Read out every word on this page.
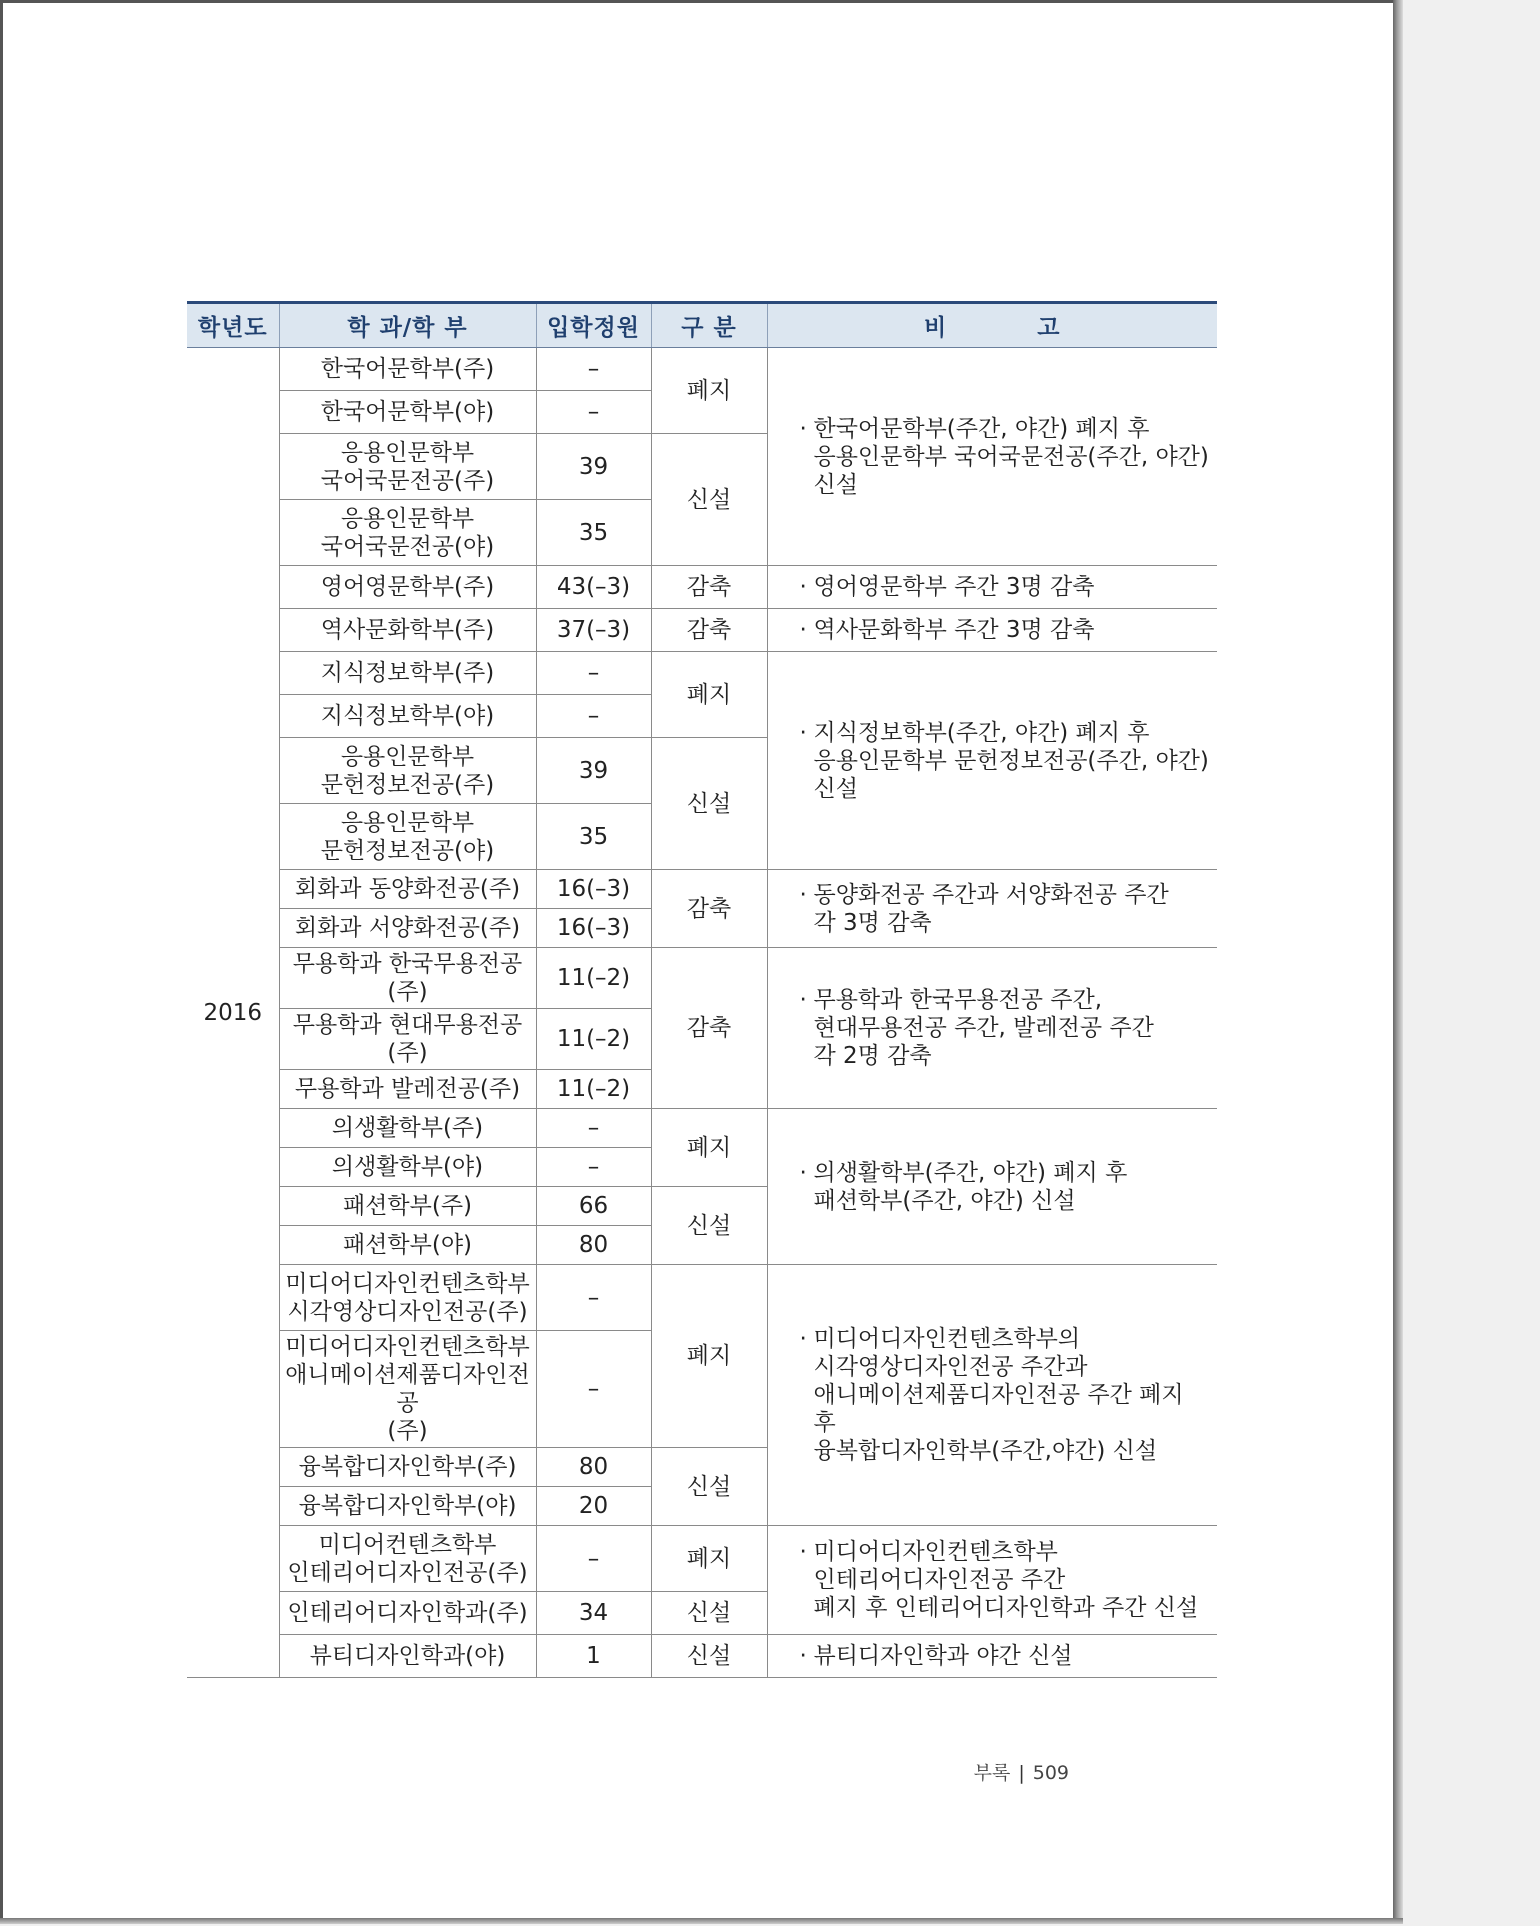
학년도	학 과/학 부	입학정원	구 분	비          고
2016	한국어문학부(주)	–	폐지	· 한국어문학부(주간, 야간) 폐지 후
응용인문학부 국어국문전공(주간, 야간) 신설

	한국어문학부(야)	–		
	응용인문학부
국어국문전공(주)	39	신설	
	응용인문학부
국어국문전공(야)	35		
	영어영문학부(주)	43(–3)	감축	· 영어영문학부 주간 3명 감축

	역사문화학부(주)	37(–3)	감축	· 역사문화학부 주간 3명 감축

	지식정보학부(주)	–	폐지	· 지식정보학부(주간, 야간) 폐지 후
응용인문학부 문헌정보전공(주간, 야간) 신설

	지식정보학부(야)	–		
	응용인문학부
문헌정보전공(주)	39	신설	
	응용인문학부
문헌정보전공(야)	35		
	회화과 동양화전공(주)	16(–3)	감축	· 동양화전공 주간과 서양화전공 주간
각 3명 감축

	회화과 서양화전공(주)	16(–3)		
	무용학과 한국무용전공(주)	11(–2)	감축	· 무용학과 한국무용전공 주간,
현대무용전공 주간, 발레전공 주간
각 2명 감축

	무용학과 현대무용전공(주)	11(–2)		
	무용학과 발레전공(주)	11(–2)		
	의생활학부(주)	–	폐지	· 의생활학부(주간, 야간) 폐지 후
패션학부(주간, 야간) 신설

	의생활학부(야)	–		
	패션학부(주)	66	신설	
	패션학부(야)	80		
	미디어디자인컨텐츠학부
시각영상디자인전공(주)	–	폐지	· 미디어디자인컨텐츠학부의
시각영상디자인전공 주간과
애니메이션제품디자인전공 주간 폐지 후
융복합디자인학부(주간,야간) 신설

	미디어디자인컨텐츠학부
애니메이션제품디자인전공
(주)	–		
	융복합디자인학부(주)	80	신설	
	융복합디자인학부(야)	20		
	미디어컨텐츠학부
인테리어디자인전공(주)	–	폐지	· 미디어디자인컨텐츠학부
인테리어디자인전공 주간
폐지 후 인테리어디자인학과 주간 신설

	인테리어디자인학과(주)	34	신설	
	뷰티디자인학과(야)	1	신설	· 뷰티디자인학과 야간 신설
부록 | 509
